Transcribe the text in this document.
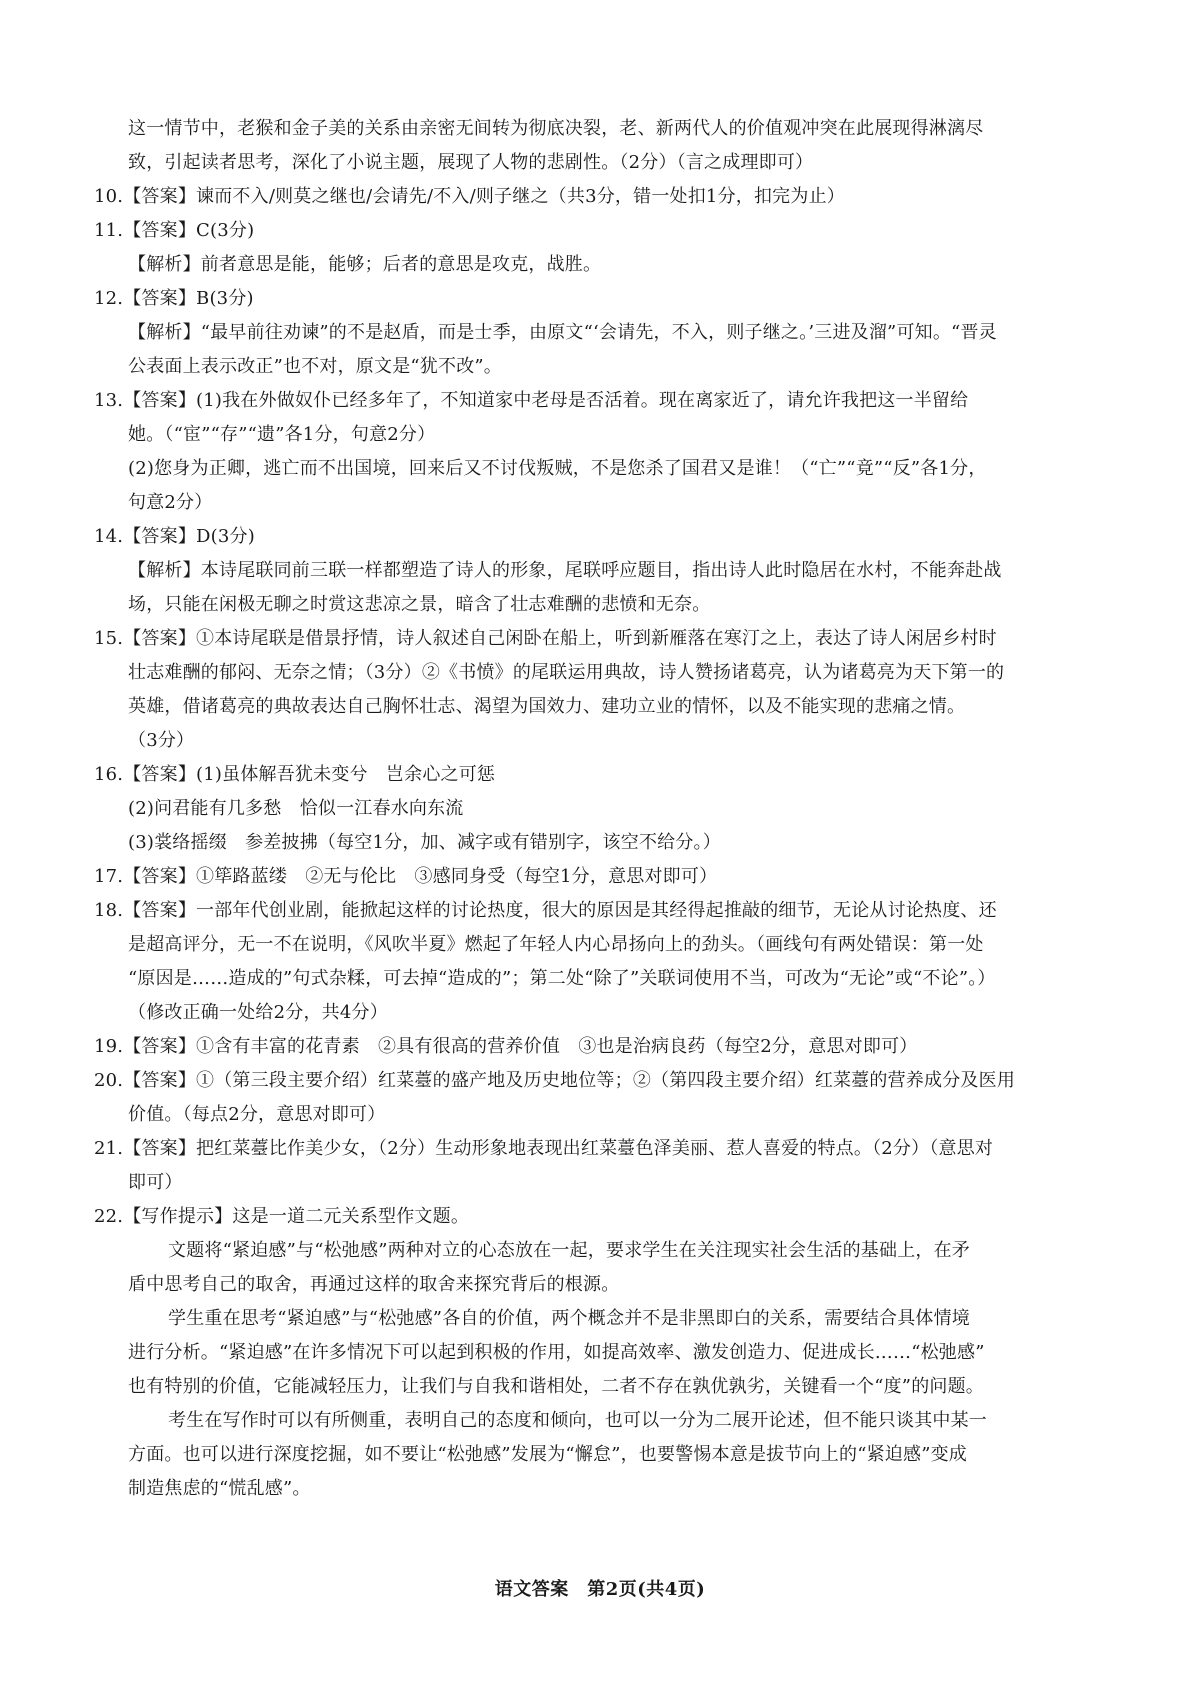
这一情节中，老猴和金子美的关系由亲密无间转为彻底决裂，老、新两代人的价值观冲突在此展现得淋漓尽
致，引起读者思考，深化了小说主题，展现了人物的悲剧性。（2分）（言之成理即可）
10.【答案】谏而不入/则莫之继也/会请先/不入/则子继之（共3分，错一处扣1分，扣完为止）
11.【答案】C(3分)
【解析】前者意思是能，能够；后者的意思是攻克，战胜。
12.【答案】B(3分)
【解析】“最早前往劝谏”的不是赵盾，而是士季，由原文“‘会请先，不入，则子继之。’三进及溜”可知。“晋灵
公表面上表示改正”也不对，原文是“犹不改”。
13.【答案】(1)我在外做奴仆已经多年了，不知道家中老母是否活着。现在离家近了，请允许我把这一半留给
她。（“宦”“存”“遗”各1分，句意2分）
(2)您身为正卿，逃亡而不出国境，回来后又不讨伐叛贼，不是您杀了国君又是谁！（“亡”“竟”“反”各1分，
句意2分）
14.【答案】D(3分)
【解析】本诗尾联同前三联一样都塑造了诗人的形象，尾联呼应题目，指出诗人此时隐居在水村，不能奔赴战
场，只能在闲极无聊之时赏这悲凉之景，暗含了壮志难酬的悲愤和无奈。
15.【答案】①本诗尾联是借景抒情，诗人叙述自己闲卧在船上，听到新雁落在寒汀之上，表达了诗人闲居乡村时
壮志难酬的郁闷、无奈之情；（3分）②《书愤》的尾联运用典故，诗人赞扬诸葛亮，认为诸葛亮为天下第一的
英雄，借诸葛亮的典故表达自己胸怀壮志、渴望为国效力、建功立业的情怀，以及不能实现的悲痛之情。
（3分）
16.【答案】(1)虽体解吾犹未变兮　岂余心之可惩
(2)问君能有几多愁　恰似一江春水向东流
(3)裳络摇缀　参差披拂（每空1分，加、减字或有错别字，该空不给分。）
17.【答案】①筚路蓝缕　②无与伦比　③感同身受（每空1分，意思对即可）
18.【答案】一部年代创业剧，能掀起这样的讨论热度，很大的原因是其经得起推敲的细节，无论从讨论热度、还
是超高评分，无一不在说明，《风吹半夏》燃起了年轻人内心昂扬向上的劲头。（画线句有两处错误：第一处
“原因是……造成的”句式杂糅，可去掉“造成的”；第二处“除了”关联词使用不当，可改为“无论”或“不论”。）
（修改正确一处给2分，共4分）
19.【答案】①含有丰富的花青素　②具有很高的营养价值　③也是治病良药（每空2分，意思对即可）
20.【答案】①（第三段主要介绍）红菜薹的盛产地及历史地位等；②（第四段主要介绍）红菜薹的营养成分及医用
价值。（每点2分，意思对即可）
21.【答案】把红菜薹比作美少女，（2分）生动形象地表现出红菜薹色泽美丽、惹人喜爱的特点。（2分）（意思对
即可）
22.【写作提示】这是一道二元关系型作文题。
文题将“紧迫感”与“松弛感”两种对立的心态放在一起，要求学生在关注现实社会生活的基础上，在矛
盾中思考自己的取舍，再通过这样的取舍来探究背后的根源。
学生重在思考“紧迫感”与“松弛感”各自的价值，两个概念并不是非黑即白的关系，需要结合具体情境
进行分析。“紧迫感”在许多情况下可以起到积极的作用，如提高效率、激发创造力、促进成长……“松弛感”
也有特别的价值，它能减轻压力，让我们与自我和谐相处，二者不存在孰优孰劣，关键看一个“度”的问题。
考生在写作时可以有所侧重，表明自己的态度和倾向，也可以一分为二展开论述，但不能只谈其中某一
方面。也可以进行深度挖掘，如不要让“松弛感”发展为“懈怠”，也要警惕本意是拔节向上的“紧迫感”变成
制造焦虑的“慌乱感”。
语文答案　第2页(共4页)
